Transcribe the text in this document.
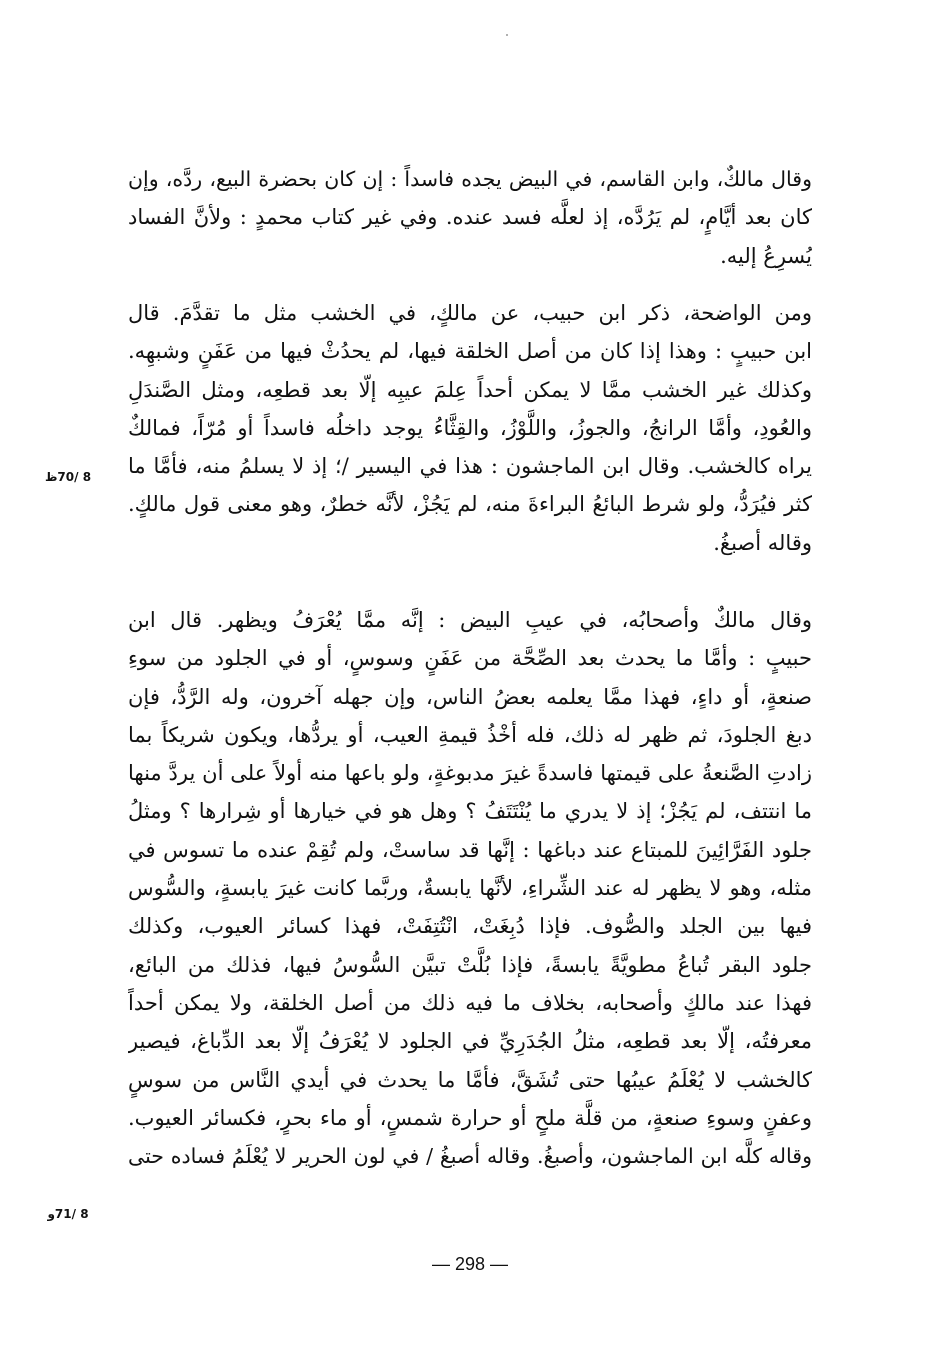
وقال مالكٌ، وابن القاسم، في البيض يجده فاسداً : إن كان بحضرة البيع، ردَّه، وإن
كان بعد أيَّامٍ، لم يَرُدَّه، إذ لعلَّه فسد عنده. وفي غير كتاب محمدٍ : ولأنَّ الفساد
يُسرِعُ إليه.
ومن الواضحة، ذكر ابن حبيب، عن مالكٍ، في الخشب مثل ما تقدَّمَ. قال
ابن حبيبٍ : وهذا إذا كان من أصل الخلقة فيها، لم يحدُثْ فيها من عَفَنٍ وشبهِه.
وكذلك غير الخشب ممَّا لا يمكن أحداً عِلمَ عيبِه إلّا بعد قطعِه، ومثل الصَّندَلِ
والعُودِ، وأمَّا الرانجُ، والجوزُ، واللَّوْزُ، والقِثَّاءُ يوجد داخلُه فاسداً أو مُرّاً، فمالكٌ
يراه كالخشب. وقال ابن الماجشون : هذا في اليسير /؛ إذ لا يسلمُ منه، فأمَّا ما
كثر فيُرَدُّ، ولو شرط البائعُ البراءةَ منه، لم يَجُزْ، لأنَّه خطرٌ، وهو معنى قول مالكٍ.
وقاله أصبغُ.
وقال مالكٌ وأصحابُه، في عيبِ البيض : إنَّه ممَّا يُعْرَفُ ويظهر. قال ابن
حبيبٍ : وأمَّا ما يحدث بعد الصِّحَّة من عَفَنٍ وسوسٍ، أو في الجلود من سوءِ
صنعةٍ، أو داءٍ، فهذا ممَّا يعلمه بعضُ الناس، وإن جهله آخرون، وله الرَّدُّ، فإن
دبغ الجلودَ، ثم ظهر له ذلك، فله أخْذُ قيمةِ العيب، أو يردُّها، ويكون شريكاً بما
زادتِ الصَّنعةُ على قيمتها فاسدةً غيرَ مدبوغةٍ، ولو باعها منه أولاً على أن يردَّ منها
ما انتتف، لم يَجُزْ؛ إذ لا يدري ما يُنْتَتَفُ ؟ وهل هو في خيارها أو شِرارها ؟ ومثلُ
جلود الفَرَّائِينَ للمبتاع عند دباغها : إنَّها قد ساستْ، ولم تُقِمْ عنده ما تسوس في
مثله، وهو لا يظهر له عند الشِّراءِ، لأنَّها يابسةٌ، وربَّما كانت غيرَ يابسةٍ، والسُّوس
فيها بين الجلد والصُّوف. فإذا دُبِغَتْ، انْتُتِفَتْ، فهذا كسائر العيوب، وكذلك
جلود البقر تُباعُ مطويَّةً يابسةً، فإذا بُلَّتْ تبيَّن السُّوسُ فيها، فذلك من البائع،
فهذا عند مالكٍ وأصحابه، بخلاف ما فيه ذلك من أصل الخلقة، ولا يمكن أحداً
معرفتُه، إلّا بعد قطعِه، مثلُ الجُدَرِيِّ في الجلود لا يُعْرَفُ إلّا بعد الدِّباغ، فيصير
كالخشب لا يُعْلَمُ عيبُها حتى تُشَقَّ، فأمَّا ما يحدث في أيدي النَّاس من سوسٍ
وعفنٍ وسوءِ صنعةٍ، من قلَّة ملحٍ أو حرارة شمسٍ، أو ماء بحرٍ، فكسائر العيوب.
وقاله كلَّه ابن الماجشون، وأصبغُ. وقاله أصبغُ / في لون الحرير لا يُعْلَمُ فساده حتى
8 /70ظ
8 /71و
— 298 —
